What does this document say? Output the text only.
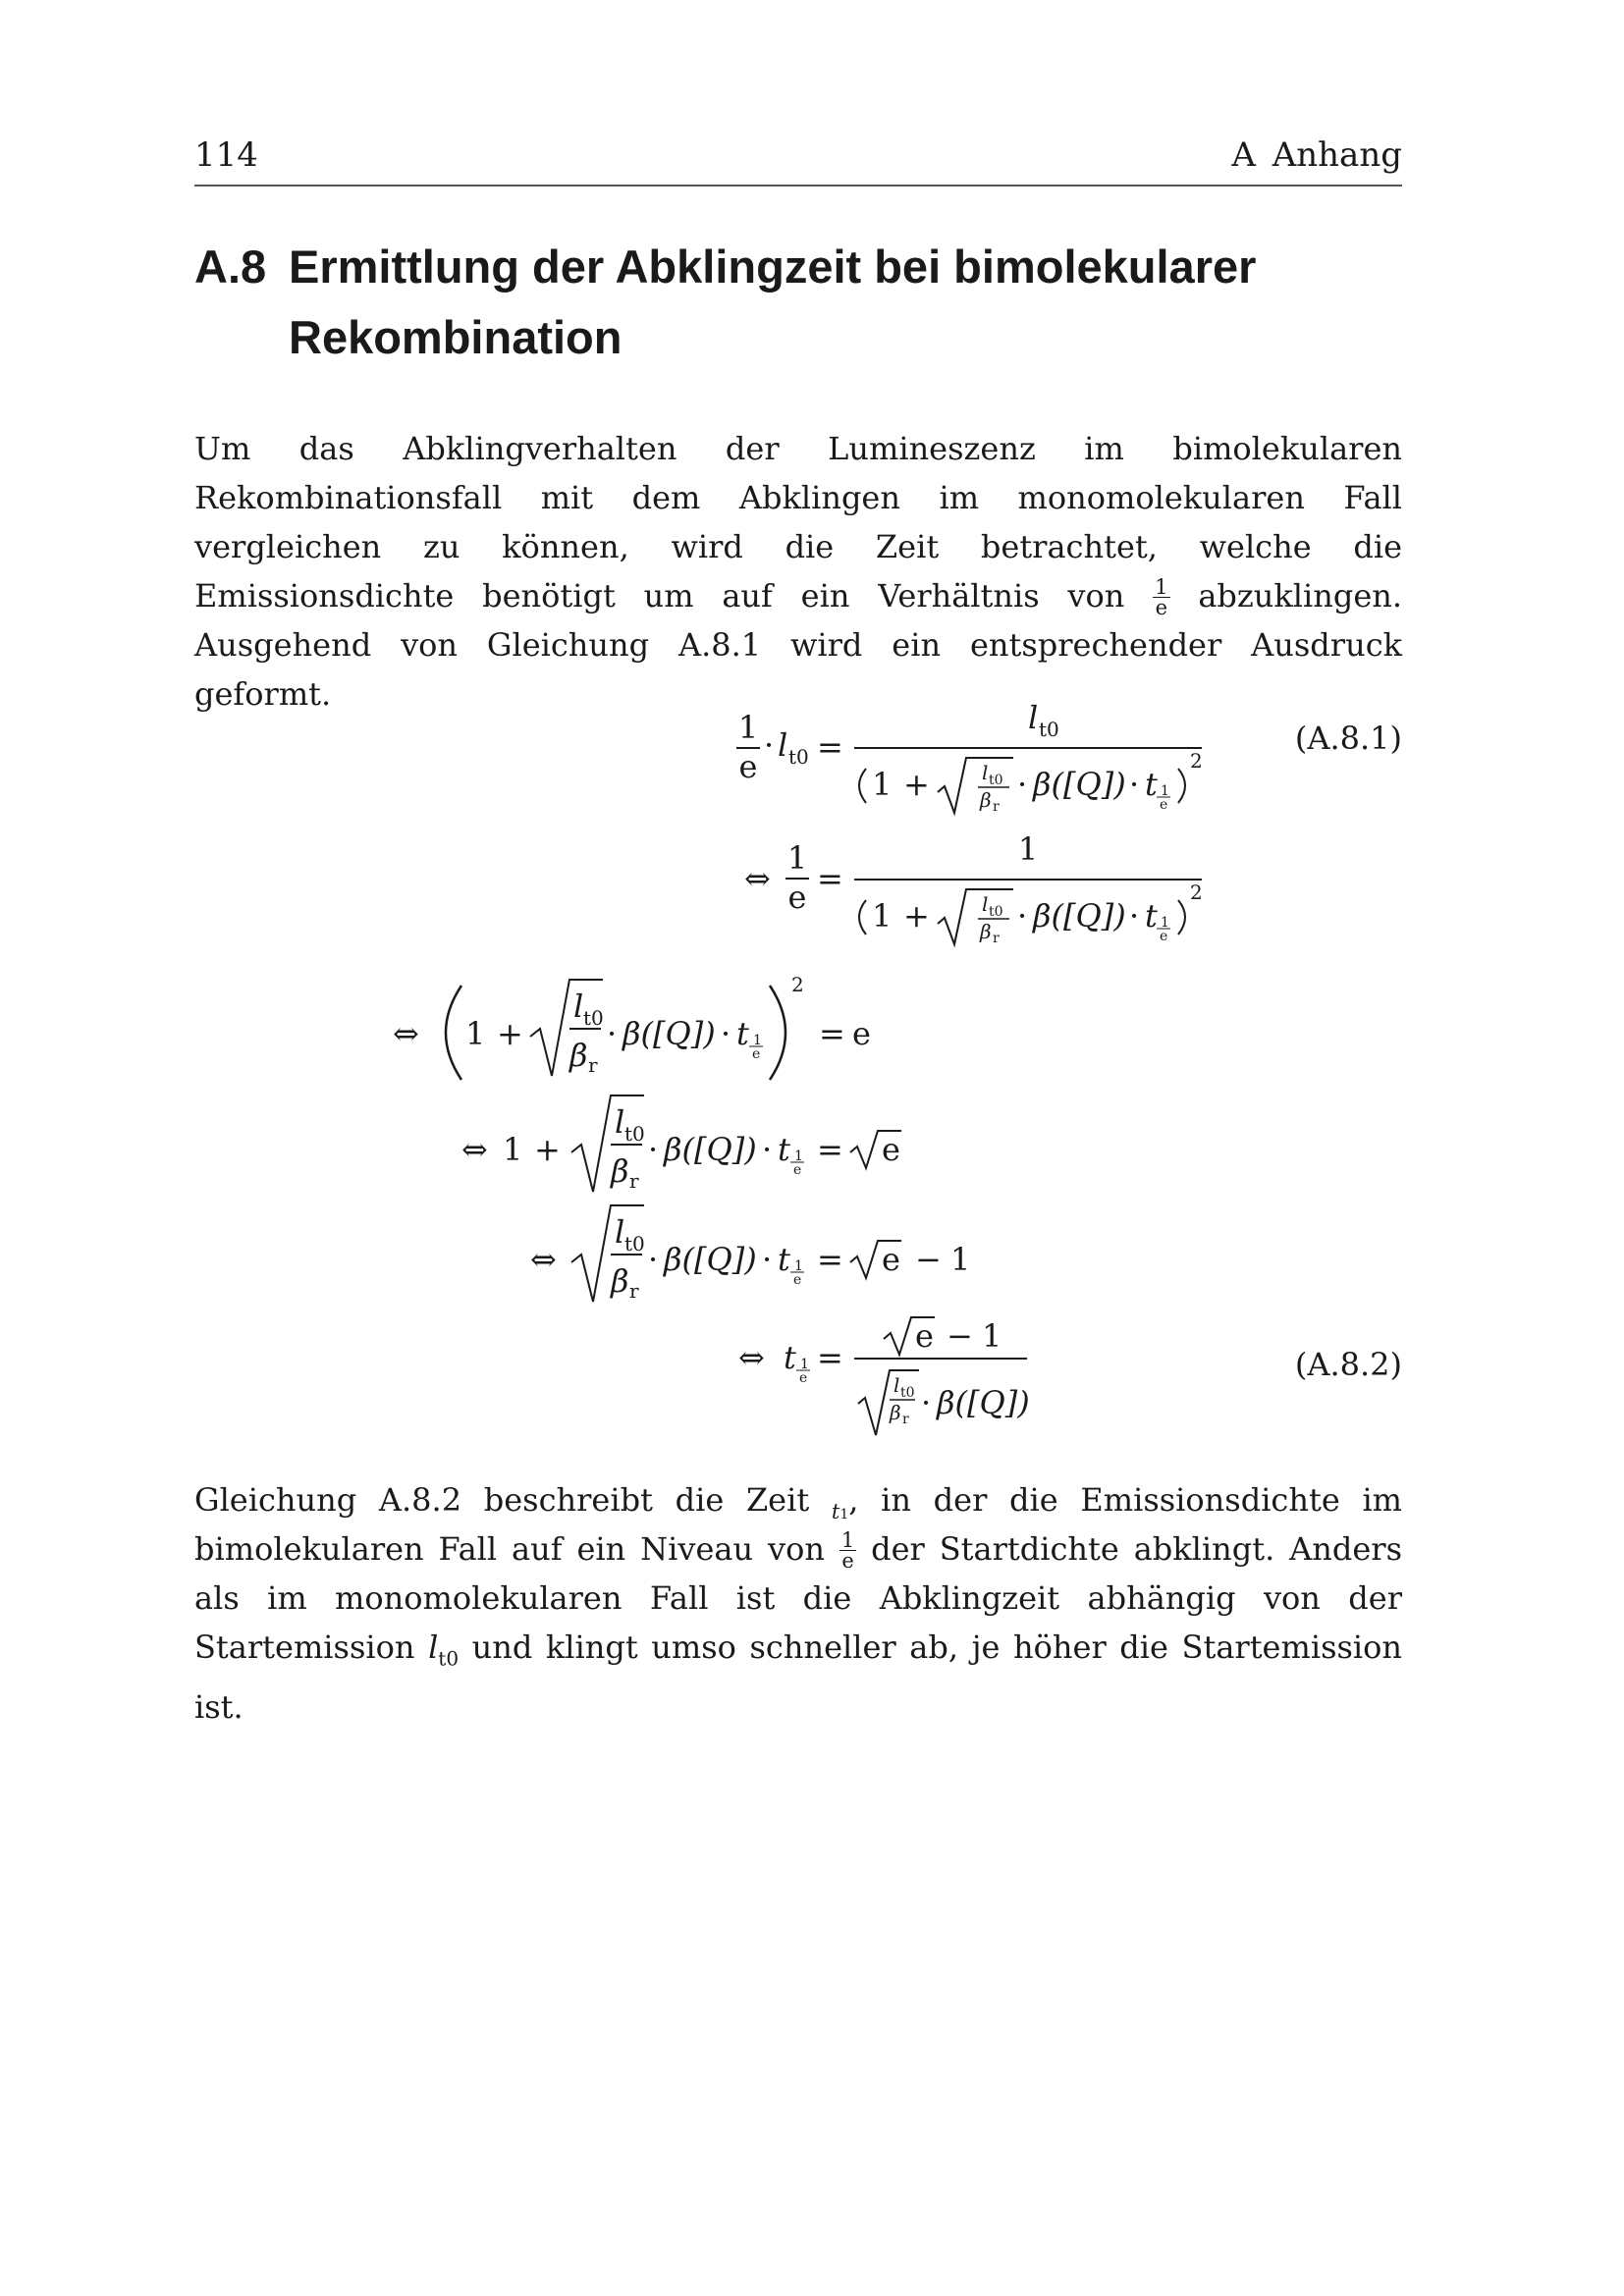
114	A Anhang
A.8 Ermittlung der Abklingzeit bei bimolekularer Rekombination

Um das Abklingverhalten der Lumineszenz im bimolekularen Rekombinationsfall mit dem Abklingen im monomolekularen Fall vergleichen zu können, wird die Zeit betrachtet, welche die Emissionsdichte benötigt um auf ein Verhältnis von $\frac{1}{e}$ abzuklingen. Ausgehend von Gleichung A.8.1 wird ein entsprechender Ausdruck geformt.

(A.8.1)
(A.8.2)
1
e
· l t0 =
l t0
1 +	l t0
β r
· β([Q]) · t 1
e
2
⇔
1
e =
1
1 +	l t0
β r
· β([Q]) · t 1
e
2
⇔ 1 +
l t0
β r
· β([Q]) · t 1
e
2
= e
⇔ 1 +
l t0
β r
· β([Q]) · t 1
e
= e
⇔
l t0
β r
· β([Q]) · t 1
e
= e − 1
⇔ t 1
e
=
e − 1
l t0
β r · β([Q])

Gleichung A.8.2 beschreibt die Zeit t1, in der die Emissionsdichte im bimolekularen Fall auf ein Niveau von $\frac{1}{e}$ der Startdichte abklingt. Anders als im monomolekularen Fall ist die Abklingzeit abhängig von der Startemission $l_{t0}$ und klingt umso schneller ab, je höher die Startemission ist.
